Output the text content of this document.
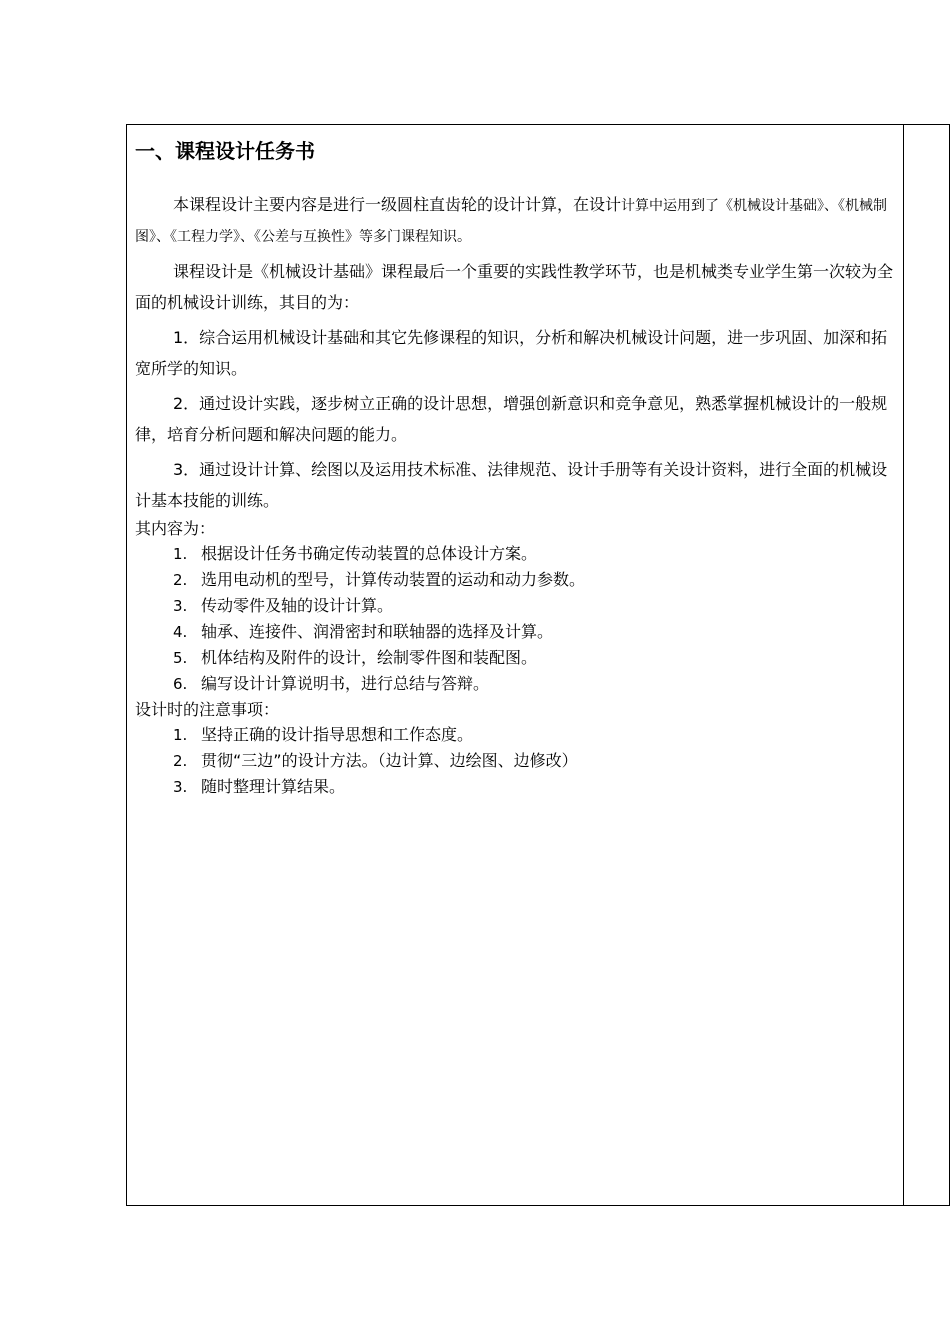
一、课程设计任务书

本课程设计主要内容是进行一级圆柱直齿轮的设计计算，在设计计算中运用到了《机械设计基础》、《机械制图》、《工程力学》、《公差与互换性》等多门课程知识。

课程设计是《机械设计基础》课程最后一个重要的实践性教学环节，也是机械类专业学生第一次较为全面的机械设计训练，其目的为：

1．综合运用机械设计基础和其它先修课程的知识，分析和解决机械设计问题，进一步巩固、加深和拓宽所学的知识。

2．通过设计实践，逐步树立正确的设计思想，增强创新意识和竞争意见，熟悉掌握机械设计的一般规律，培育分析问题和解决问题的能力。

3．通过设计计算、绘图以及运用技术标准、法律规范、设计手册等有关设计资料，进行全面的机械设计基本技能的训练。

其内容为：

1. 根据设计任务书确定传动装置的总体设计方案。
2. 选用电动机的型号，计算传动装置的运动和动力参数。
3. 传动零件及轴的设计计算。
4. 轴承、连接件、润滑密封和联轴器的选择及计算。
5. 机体结构及附件的设计，绘制零件图和装配图。
6. 编写设计计算说明书，进行总结与答辩。

设计时的注意事项：

1. 坚持正确的设计指导思想和工作态度。
2. 贯彻“三边”的设计方法。（边计算、边绘图、边修改）
3. 随时整理计算结果。
